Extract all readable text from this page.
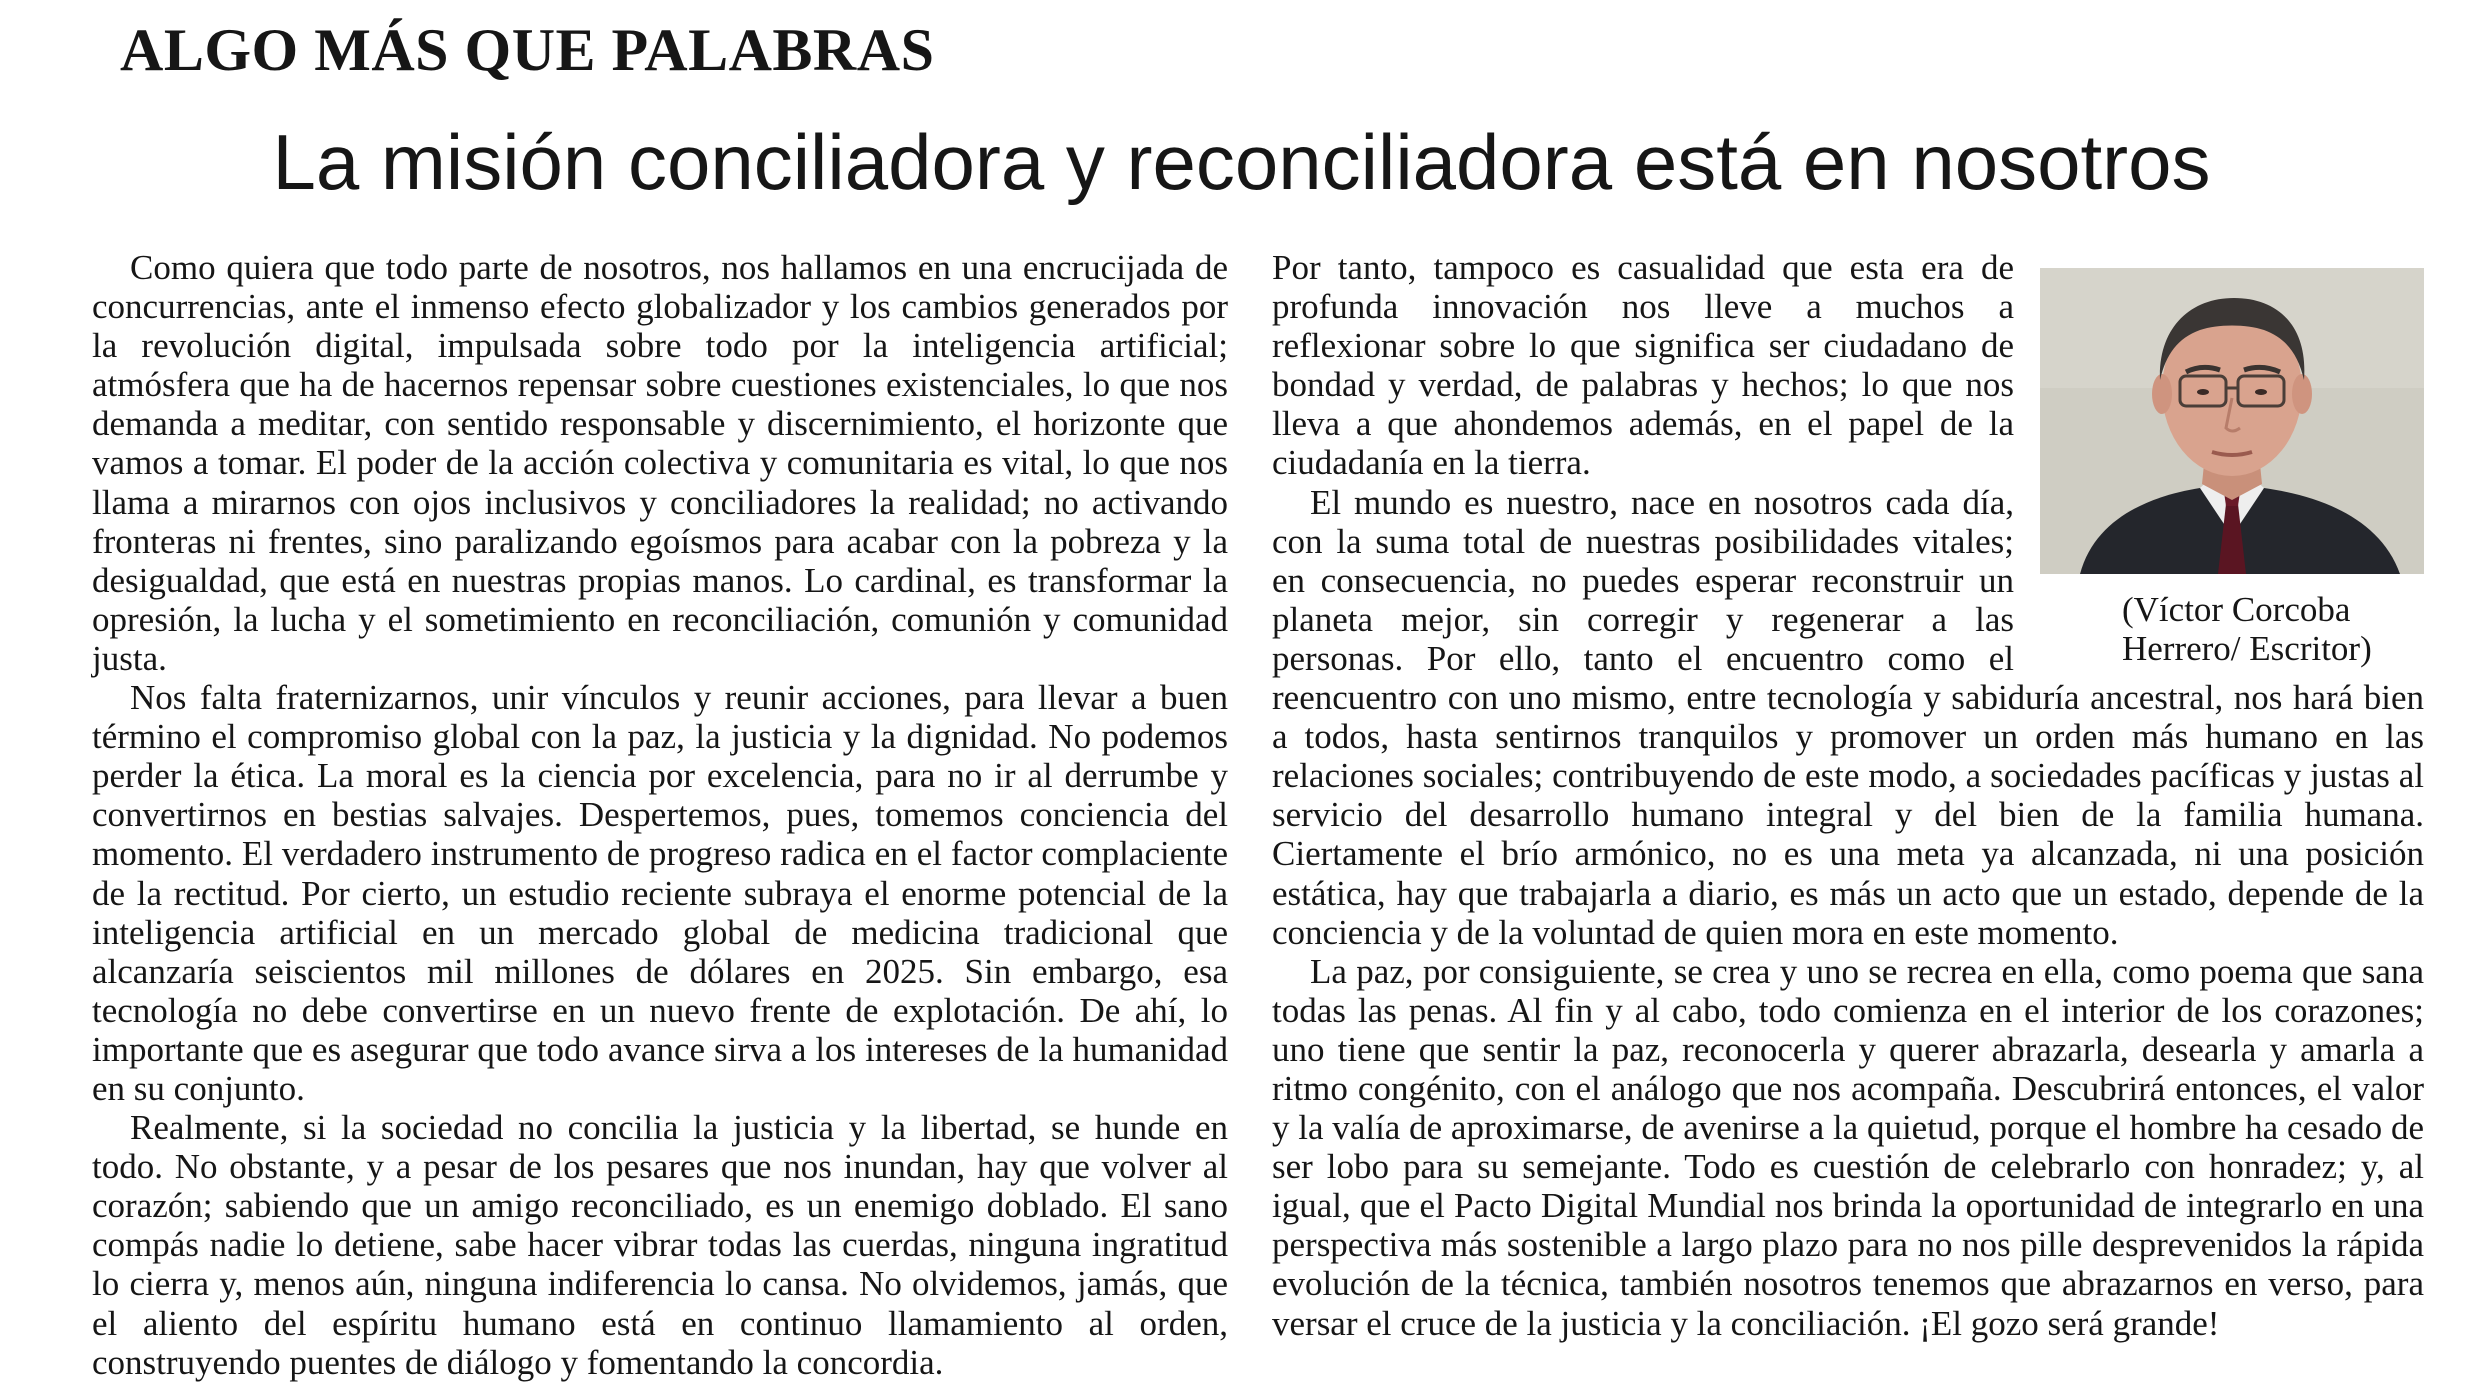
ALGO MÁS QUE PALABRAS
La misión conciliadora y reconciliadora está en nosotros

Como quiera que todo parte de nosotros, nos hallamos en una encrucijada de concurrencias, ante el inmenso efecto globalizador y los cambios generados por la revolución digital, impulsada sobre todo por la inteligencia artificial; atmósfera que ha de hacernos repensar sobre cuestiones existenciales, lo que nos demanda a meditar, con sentido responsable y discernimiento, el horizonte que vamos a tomar. El poder de la acción colectiva y comunitaria es vital, lo que nos llama a mirarnos con ojos inclusivos y conciliadores la realidad; no activando fronteras ni frentes, sino paralizando egoísmos para acabar con la pobreza y la desigualdad, que está en nuestras propias manos. Lo cardinal, es transformar la opresión, la lucha y el sometimiento en reconciliación, comunión y comunidad justa.

Nos falta fraternizarnos, unir vínculos y reunir acciones, para llevar a buen término el compromiso global con la paz, la justicia y la dignidad. No podemos perder la ética. La moral es la ciencia por excelencia, para no ir al derrumbe y convertirnos en bestias salvajes. Despertemos, pues, tomemos conciencia del momento. El verdadero instrumento de progreso radica en el factor complaciente de la rectitud. Por cierto, un estudio reciente subraya el enorme potencial de la inteligencia artificial en un mercado global de medicina tradicional que alcanzaría seiscientos mil millones de dólares en 2025. Sin embargo, esa tecnología no debe convertirse en un nuevo frente de explotación. De ahí, lo importante que es asegurar que todo avance sirva a los intereses de la humanidad en su conjunto.

Realmente, si la sociedad no concilia la justicia y la libertad, se hunde en todo. No obstante, y a pesar de los pesares que nos inundan, hay que volver al corazón; sabiendo que un amigo reconciliado, es un enemigo doblado. El sano compás nadie lo detiene, sabe hacer vibrar todas las cuerdas, ninguna ingratitud lo cierra y, menos aún, ninguna indiferencia lo cansa. No olvidemos, jamás, que el aliento del espíritu humano está en continuo llamamiento al orden, construyendo puentes de diálogo y fomentando la concordia.

(Víctor Corcoba
Herrero/ Escritor)

Por tanto, tampoco es casualidad que esta era de profunda innovación nos lleve a muchos a reflexionar sobre lo que significa ser ciudadano de bondad y verdad, de palabras y hechos; lo que nos lleva a que ahondemos además, en el papel de la ciudadanía en la tierra.

El mundo es nuestro, nace en nosotros cada día, con la suma total de nuestras posibilidades vitales; en consecuencia, no puedes esperar reconstruir un planeta mejor, sin corregir y regenerar a las personas. Por ello, tanto el encuentro como el reencuentro con uno mismo, entre tecnología y sabiduría ancestral, nos hará bien a todos, hasta sentirnos tranquilos y promover un orden más humano en las relaciones sociales; contribuyendo de este modo, a sociedades pacíficas y justas al servicio del desarrollo humano integral y del bien de la familia humana. Ciertamente el brío armónico, no es una meta ya alcanzada, ni una posición estática, hay que trabajarla a diario, es más un acto que un estado, depende de la conciencia y de la voluntad de quien mora en este momento.

La paz, por consiguiente, se crea y uno se recrea en ella, como poema que sana todas las penas. Al fin y al cabo, todo comienza en el interior de los corazones; uno tiene que sentir la paz, reconocerla y querer abrazarla, desearla y amarla a ritmo congénito, con el análogo que nos acompaña. Descubrirá entonces, el valor y la valía de aproximarse, de avenirse a la quietud, porque el hombre ha cesado de ser lobo para su semejante. Todo es cuestión de celebrarlo con honradez; y, al igual, que el Pacto Digital Mundial nos brinda la oportunidad de integrarlo en una perspectiva más sostenible a largo plazo para no nos pille desprevenidos la rápida evolución de la técnica, también nosotros tenemos que abrazarnos en verso, para versar el cruce de la justicia y la conciliación. ¡El gozo será grande!
